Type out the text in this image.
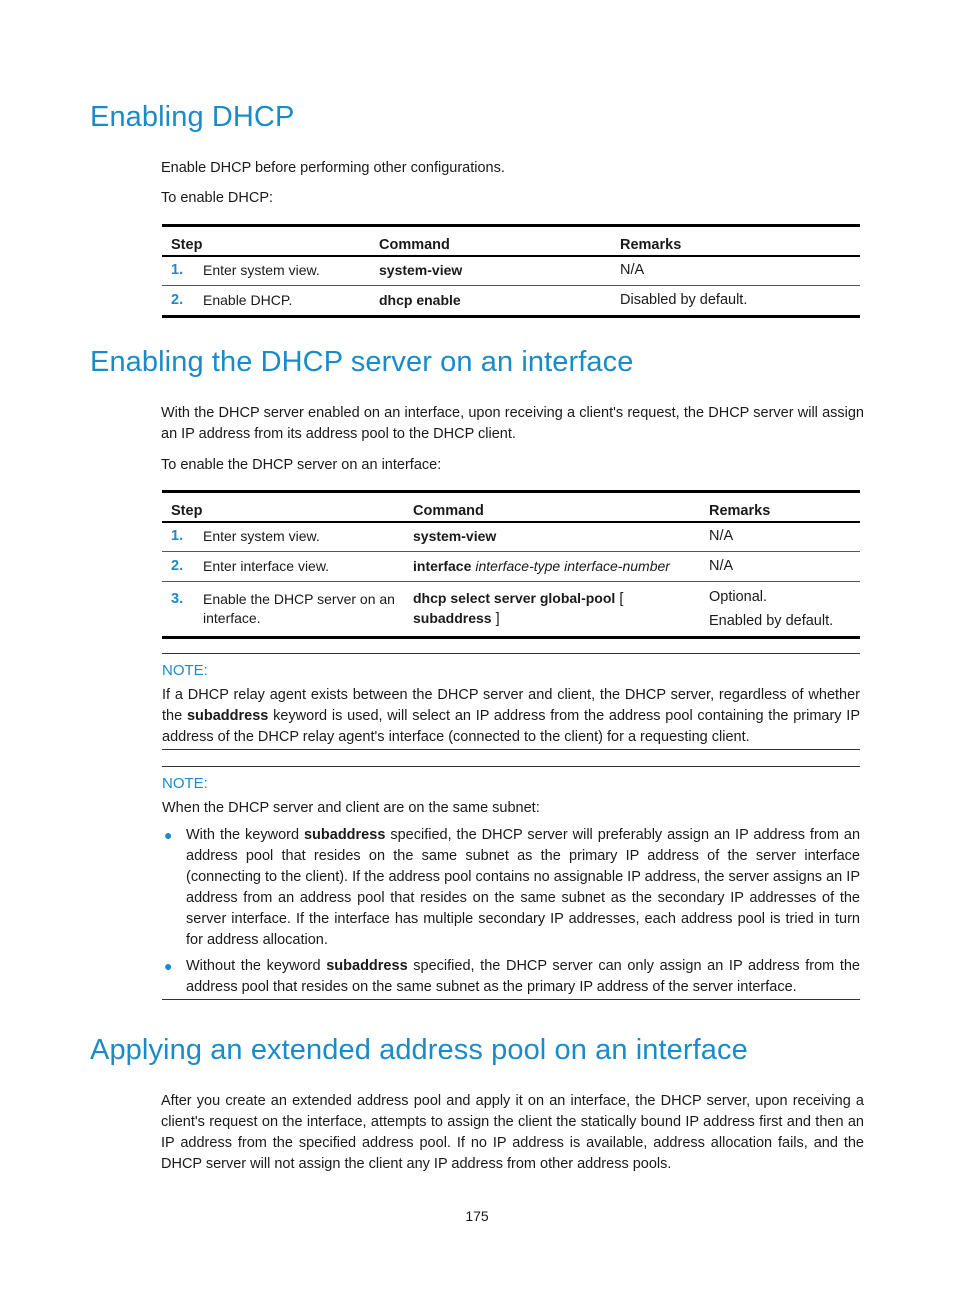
Enabling DHCP

Enable DHCP before performing other configurations.

To enable DHCP:

Step		Command	Remarks
1.	Enter system view.	system-view	N/A
2.	Enable DHCP.	dhcp enable	Disabled by default.
Enabling the DHCP server on an interface

With the DHCP server enabled on an interface, upon receiving a client's request, the DHCP server will assign an IP address from its address pool to the DHCP client.

To enable the DHCP server on an interface:

Step		Command	Remarks
1.	Enter system view.	system-view	N/A
2.	Enter interface view.	interface interface-type interface-number	N/A
3.	Enable the DHCP server on an interface.	dhcp select server global-pool [ subaddress ]	Optional.
Enabled by default.
NOTE:
If a DHCP relay agent exists between the DHCP server and client, the DHCP server, regardless of whether the subaddress keyword is used, will select an IP address from the address pool containing the primary IP address of the DHCP relay agent's interface (connected to the client) for a requesting client.
NOTE:
When the DHCP server and client are on the same subnet:
● With the keyword subaddress specified, the DHCP server will preferably assign an IP address from an address pool that resides on the same subnet as the primary IP address of the server interface (connecting to the client). If the address pool contains no assignable IP address, the server assigns an IP address from an address pool that resides on the same subnet as the secondary IP addresses of the server interface. If the interface has multiple secondary IP addresses, each address pool is tried in turn for address allocation.
● Without the keyword subaddress specified, the DHCP server can only assign an IP address from the address pool that resides on the same subnet as the primary IP address of the server interface.
Applying an extended address pool on an interface

After you create an extended address pool and apply it on an interface, the DHCP server, upon receiving a client's request on the interface, attempts to assign the client the statically bound IP address first and then an IP address from the specified address pool. If no IP address is available, address allocation fails, and the DHCP server will not assign the client any IP address from other address pools.

175
